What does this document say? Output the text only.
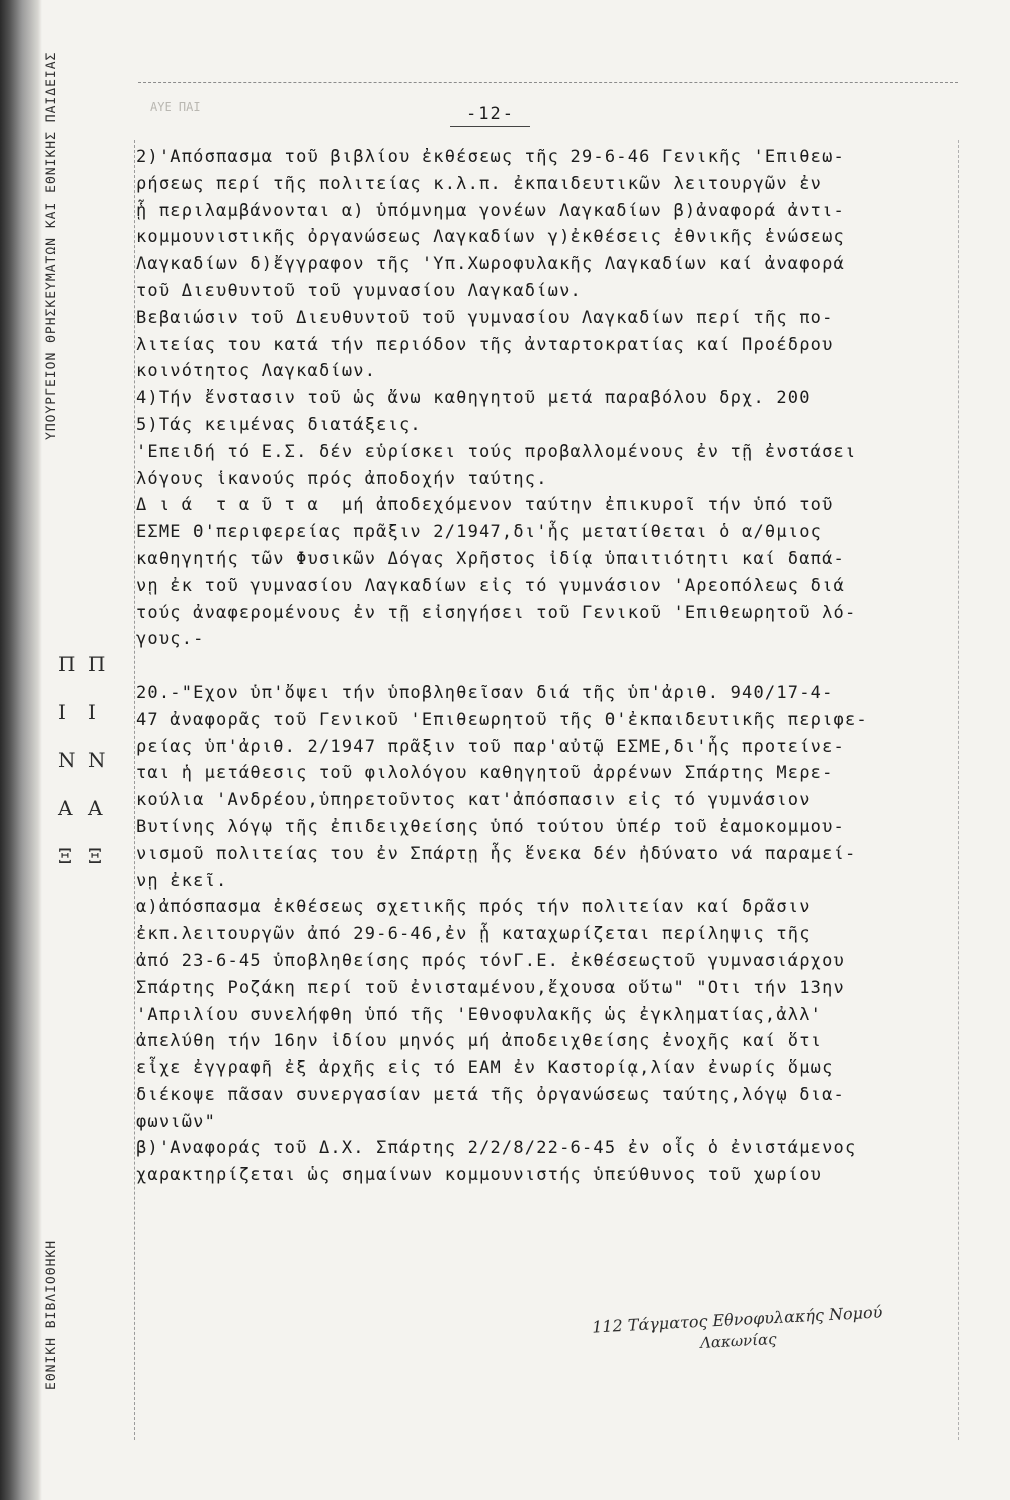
ΥΠΟΥΡΓΕΙΟΝ ΘΡΗΣΚΕΥΜΑΤΩΝ ΚΑΙ ΕΘΝΙΚΗΣ ΠΑΙΔΕΙΑΣ
ΕΘΝΙΚΗ ΒΙΒΛΙΟΘΗΚΗ
Π
Ι
Ν
Α
Ξ
Π
Ι
Ν
Α
Ξ
ΑΥΕ ΠΑΙ	-12-
2)'Απόσπασμα τοῦ βιβλίου ἐκθέσεως τῆς 29-6-46 Γενικῆς 'Επιθεω-
ρήσεως περί τῆς πολιτείας κ.λ.π. ἐκπαιδευτικῶν λειτουργῶν ἐν
ᾗ περιλαμβάνονται α) ὑπόμνημα γονέων Λαγκαδίων β)ἀναφορά ἀντι-
κομμουνιστικῆς ὀργανώσεως Λαγκαδίων γ)ἐκθέσεις ἐθνικῆς ἑνώσεως
Λαγκαδίων δ)ἔγγραφον τῆς 'Υπ.Χωροφυλακῆς Λαγκαδίων καί ἀναφορά
τοῦ Διευθυντοῦ τοῦ γυμνασίου Λαγκαδίων.
Βεβαιώσιν τοῦ Διευθυντοῦ τοῦ γυμνασίου Λαγκαδίων περί τῆς πο-
λιτείας του κατά τήν περιόδον τῆς ἀνταρτοκρατίας καί Προέδρου
κοινότητος Λαγκαδίων.
4)Τήν ἔνστασιν τοῦ ὡς ἄνω καθηγητοῦ μετά παραβόλου δρχ. 200
5)Τάς κειμένας διατάξεις.
'Επειδή τό Ε.Σ. δέν εὑρίσκει τούς προβαλλομένους ἐν τῇ ἐνστάσει
λόγους ἱκανούς πρός ἀποδοχήν ταύτης.
Δ ι ά  τ α ῦ τ α  μή ἀποδεχόμενον ταύτην ἐπικυροῖ τήν ὑπό τοῦ
ΕΣΜΕ Θ'περιφερείας πρᾶξιν 2/1947,δι'ἧς μετατίθεται ὁ α/θμιος
καθηγητής τῶν Φυσικῶν Δόγας Χρῆστος ἰδίᾳ ὑπαιτιότητι καί δαπά-
νῃ ἐκ τοῦ γυμνασίου Λαγκαδίων εἰς τό γυμνάσιον 'Αρεοπόλεως διά
τούς ἀναφερομένους ἐν τῇ εἰσηγήσει τοῦ Γενικοῦ 'Επιθεωρητοῦ λό-
γους.-
20.-"Εχον ὑπ'ὄψει τήν ὑποβληθεῖσαν διά τῆς ὑπ'ἀριθ. 940/17-4-
47 ἀναφορᾶς τοῦ Γενικοῦ 'Επιθεωρητοῦ τῆς Θ'ἐκπαιδευτικῆς περιφε-
ρείας ὑπ'ἀριθ. 2/1947 πρᾶξιν τοῦ παρ'αὐτῷ ΕΣΜΕ,δι'ἧς προτείνε-
ται ἡ μετάθεσις τοῦ φιλολόγου καθηγητοῦ ἀρρένων Σπάρτης Μερε-
κούλια 'Ανδρέου,ὑπηρετοῦντος κατ'ἀπόσπασιν εἰς τό γυμνάσιον
Βυτίνης λόγῳ τῆς ἐπιδειχθείσης ὑπό τούτου ὑπέρ τοῦ ἐαμοκομμου-
νισμοῦ πολιτείας του ἐν Σπάρτῃ ἧς ἕνεκα δέν ἠδύνατο νά παραμεί-
νῃ ἐκεῖ.
α)ἀπόσπασμα ἐκθέσεως σχετικῆς πρός τήν πολιτείαν καί δρᾶσιν
ἐκπ.λειτουργῶν ἀπό 29-6-46,ἐν ᾗ καταχωρίζεται περίληψις τῆς
ἀπό 23-6-45 ὑποβληθείσης πρός τόνΓ.Ε. ἐκθέσεωςτοῦ γυμνασιάρχου
Σπάρτης Ροζάκη περί τοῦ ἐνισταμένου,ἔχουσα οὕτω" "Οτι τήν 13ην
'Απριλίου συνελήφθη ὑπό τῆς 'Εθνοφυλακῆς ὡς ἐγκληματίας,ἀλλ'
ἀπελύθη τήν 16ην ἰδίου μηνός μή ἀποδειχθείσης ἐνοχῆς καί ὅτι
εἶχε ἐγγραφῆ ἐξ ἀρχῆς εἰς τό ΕΑΜ ἐν Καστορίᾳ,λίαν ἐνωρίς ὅμως
διέκοψε πᾶσαν συνεργασίαν μετά τῆς ὀργανώσεως ταύτης,λόγῳ δια-
φωνιῶν"
β)'Αναφοράς τοῦ Δ.Χ. Σπάρτης 2/2/8/22-6-45 ἐν οἷς ὁ ἐνιστάμενος
χαρακτηρίζεται ὡς σημαίνων κομμουνιστής ὑπεύθυνος τοῦ χωρίου
112 Τάγματος Εθνοφυλακής Νομού
Λακωνίας
